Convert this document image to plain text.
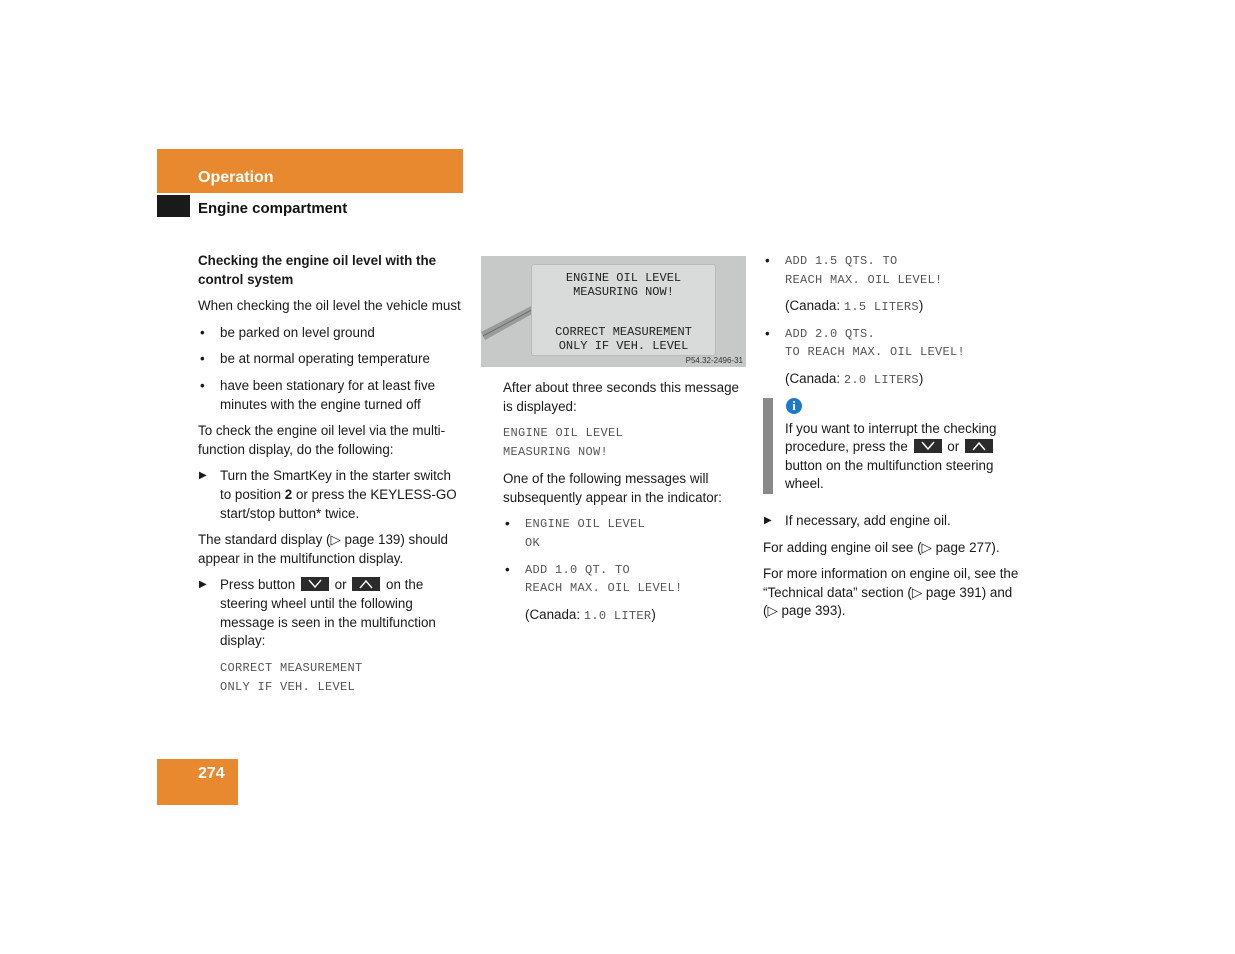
Operation
Engine compartment

Checking the engine oil level with the control system

When checking the oil level the vehicle must

• be parked on level ground
• be at normal operating temperature
• have been stationary for at least five minutes with the engine turned off

To check the engine oil level via the multi-function display, do the following:

▶ Turn the SmartKey in the starter switch to position 2 or press the KEYLESS-GO start/stop button* twice.

The standard display (▷ page 139) should appear in the multifunction display.

▶ Press button	or	on the steering wheel until the following message is seen in the multifunction display:
CORRECT MEASUREMENT
ONLY IF VEH. LEVEL
ENGINE OIL LEVEL
MEASURING NOW!
CORRECT MEASUREMENT
ONLY IF VEH. LEVEL
P54.32-2496-31

After about three seconds this message is displayed:

ENGINE OIL LEVEL
MEASURING NOW!

One of the following messages will subsequently appear in the indicator:

• ENGINE OIL LEVEL
OK
• ADD 1.0 QT. TO
REACH MAX. OIL LEVEL!
(Canada: 1.0 LITER)
• ADD 1.5 QTS. TO
REACH MAX. OIL LEVEL!
(Canada: 1.5 LITERS)
• ADD 2.0 QTS.
TO REACH MAX. OIL LEVEL!
(Canada: 2.0 LITERS)
i
If you want to interrupt the checking procedure, press the	or
button on the multifunction steering wheel.
▶ If necessary, add engine oil.

For adding engine oil see (▷ page 277).

For more information on engine oil, see the “Technical data” section (▷ page 391) and (▷ page 393).

274
